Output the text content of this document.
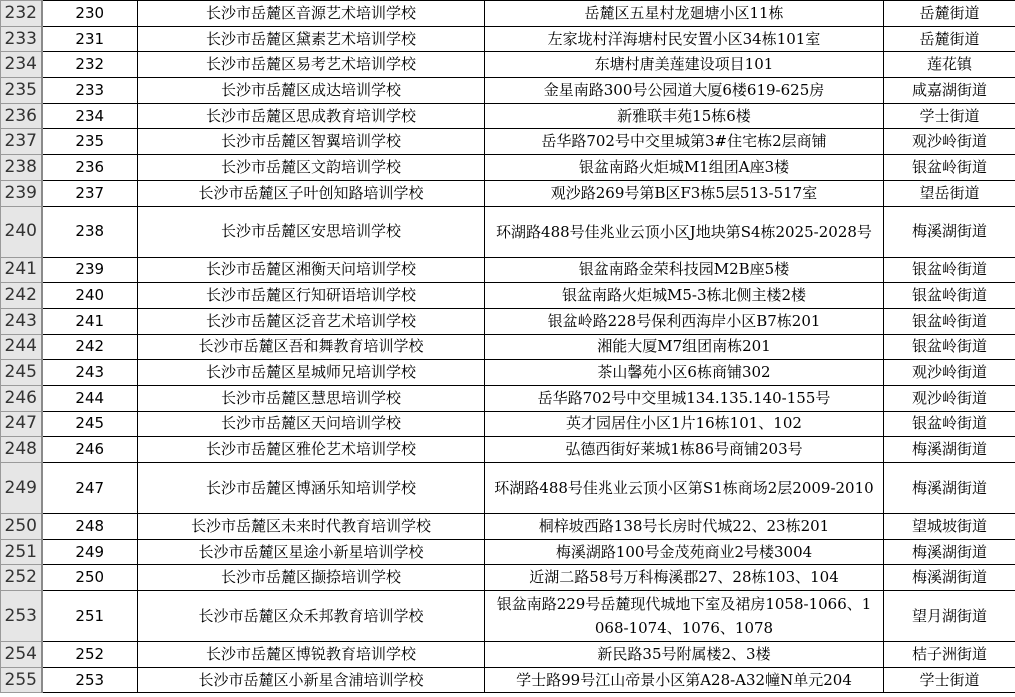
232	230	长沙市岳麓区音源艺术培训学校	岳麓区五星村龙廻塘小区11栋	岳麓街道
233	231	长沙市岳麓区黛素艺术培训学校	左家垅村洋海塘村民安置小区34栋101室	岳麓街道
234	232	长沙市岳麓区易考艺术培训学校	东塘村唐美莲建设项目101	莲花镇
235	233	长沙市岳麓区成达培训学校	金星南路300号公园道大厦6楼619-625房	咸嘉湖街道
236	234	长沙市岳麓区思成教育培训学校	新雅联丰苑15栋6楼	学士街道
237	235	长沙市岳麓区智翼培训学校	岳华路702号中交里城第3#住宅栋2层商铺	观沙岭街道
238	236	长沙市岳麓区文韵培训学校	银盆南路火炬城M1组团A座3楼	银盆岭街道
239	237	长沙市岳麓区子叶创知路培训学校	观沙路269号第B区F3栋5层513-517室	望岳街道
240	238	长沙市岳麓区安思培训学校	环湖路488号佳兆业云顶小区J地块第S4栋2025-2028号	梅溪湖街道
241	239	长沙市岳麓区湘衡天问培训学校	银盆南路金荣科技园M2B座5楼	银盆岭街道
242	240	长沙市岳麓区行知研语培训学校	银盆南路火炬城M5-3栋北侧主楼2楼	银盆岭街道
243	241	长沙市岳麓区泛音艺术培训学校	银盆岭路228号保利西海岸小区B7栋201	银盆岭街道
244	242	长沙市岳麓区吾和舞教育培训学校	湘能大厦M7组团南栋201	银盆岭街道
245	243	长沙市岳麓区星城师兄培训学校	茶山馨苑小区6栋商铺302	观沙岭街道
246	244	长沙市岳麓区慧思培训学校	岳华路702号中交里城134.135.140-155号	观沙岭街道
247	245	长沙市岳麓区天问培训学校	英才园居住小区1片16栋101、102	银盆岭街道
248	246	长沙市岳麓区雅伦艺术培训学校	弘德西街好莱城1栋86号商铺203号	梅溪湖街道
249	247	长沙市岳麓区博涵乐知培训学校	环湖路488号佳兆业云顶小区第S1栋商场2层2009-2010	梅溪湖街道
250	248	长沙市岳麓区未来时代教育培训学校	桐梓坡西路138号长房时代城22、23栋201	望城坡街道
251	249	长沙市岳麓区星途小新星培训学校	梅溪湖路100号金茂苑商业2号楼3004	梅溪湖街道
252	250	长沙市岳麓区撷捺培训学校	近湖二路58号万科梅溪郡27、28栋103、104	梅溪湖街道
253	251	长沙市岳麓区众禾邦教育培训学校	银盆南路229号岳麓现代城地下室及裙房1058-1066、1068-1074、1076、1078	望月湖街道
254	252	长沙市岳麓区博锐教育培训学校	新民路35号附属楼2、3楼	桔子洲街道
255	253	长沙市岳麓区小新星含浦培训学校	学士路99号江山帝景小区第A28-A32幢N单元204	学士街道
